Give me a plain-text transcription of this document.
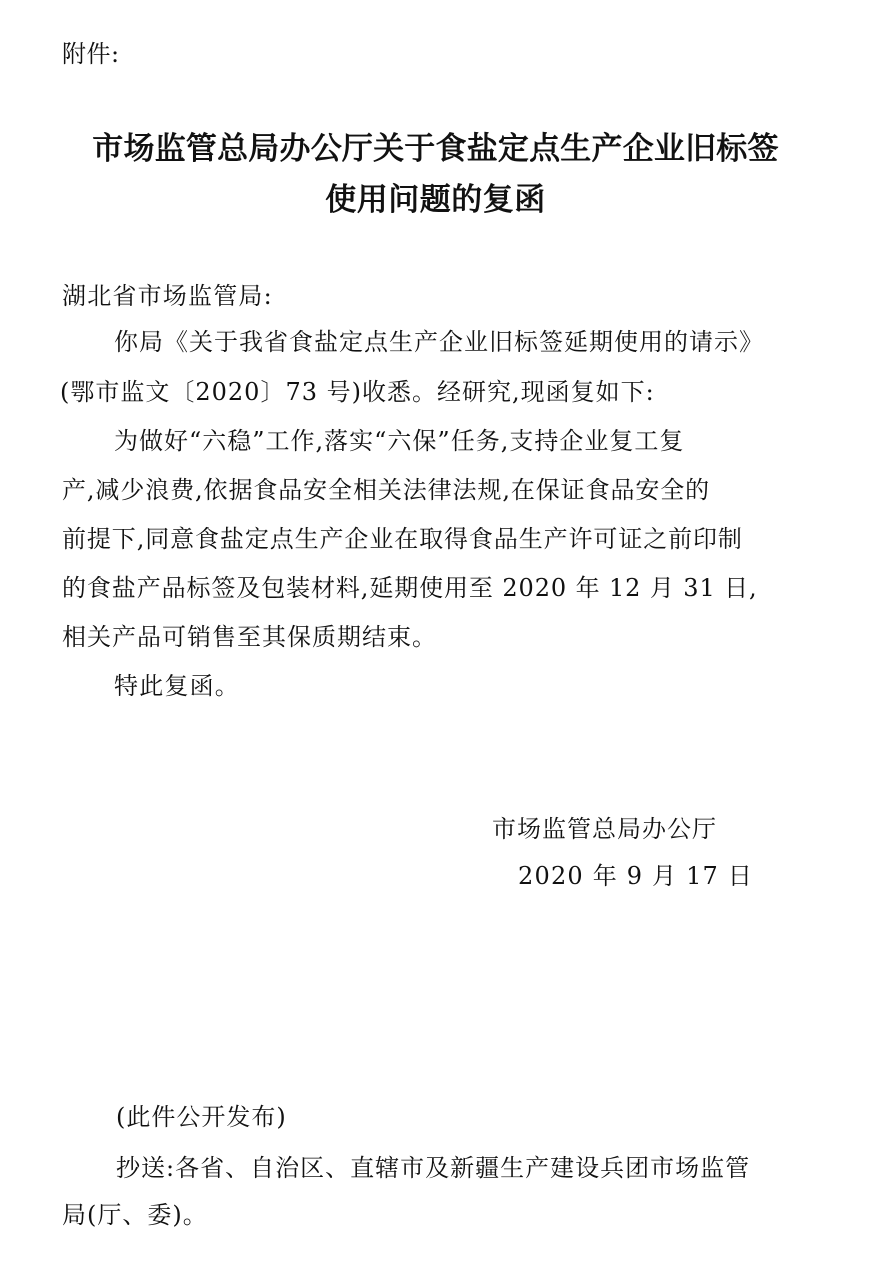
附件:
市场监管总局办公厅关于食盐定点生产企业旧标签
使用问题的复函
湖北省市场监管局:
你局《关于我省食盐定点生产企业旧标签延期使用的请示》
(鄂市监文〔2020〕73 号)收悉。经研究,现函复如下:
为做好“六稳”工作,落实“六保”任务,支持企业复工复
产,减少浪费,依据食品安全相关法律法规,在保证食品安全的
前提下,同意食盐定点生产企业在取得食品生产许可证之前印制
的食盐产品标签及包装材料,延期使用至 2020 年 12 月 31 日,
相关产品可销售至其保质期结束。
特此复函。
市场监管总局办公厅
2020 年 9 月 17 日
(此件公开发布)
抄送:各省、自治区、直辖市及新疆生产建设兵团市场监管
局(厅、委)。
